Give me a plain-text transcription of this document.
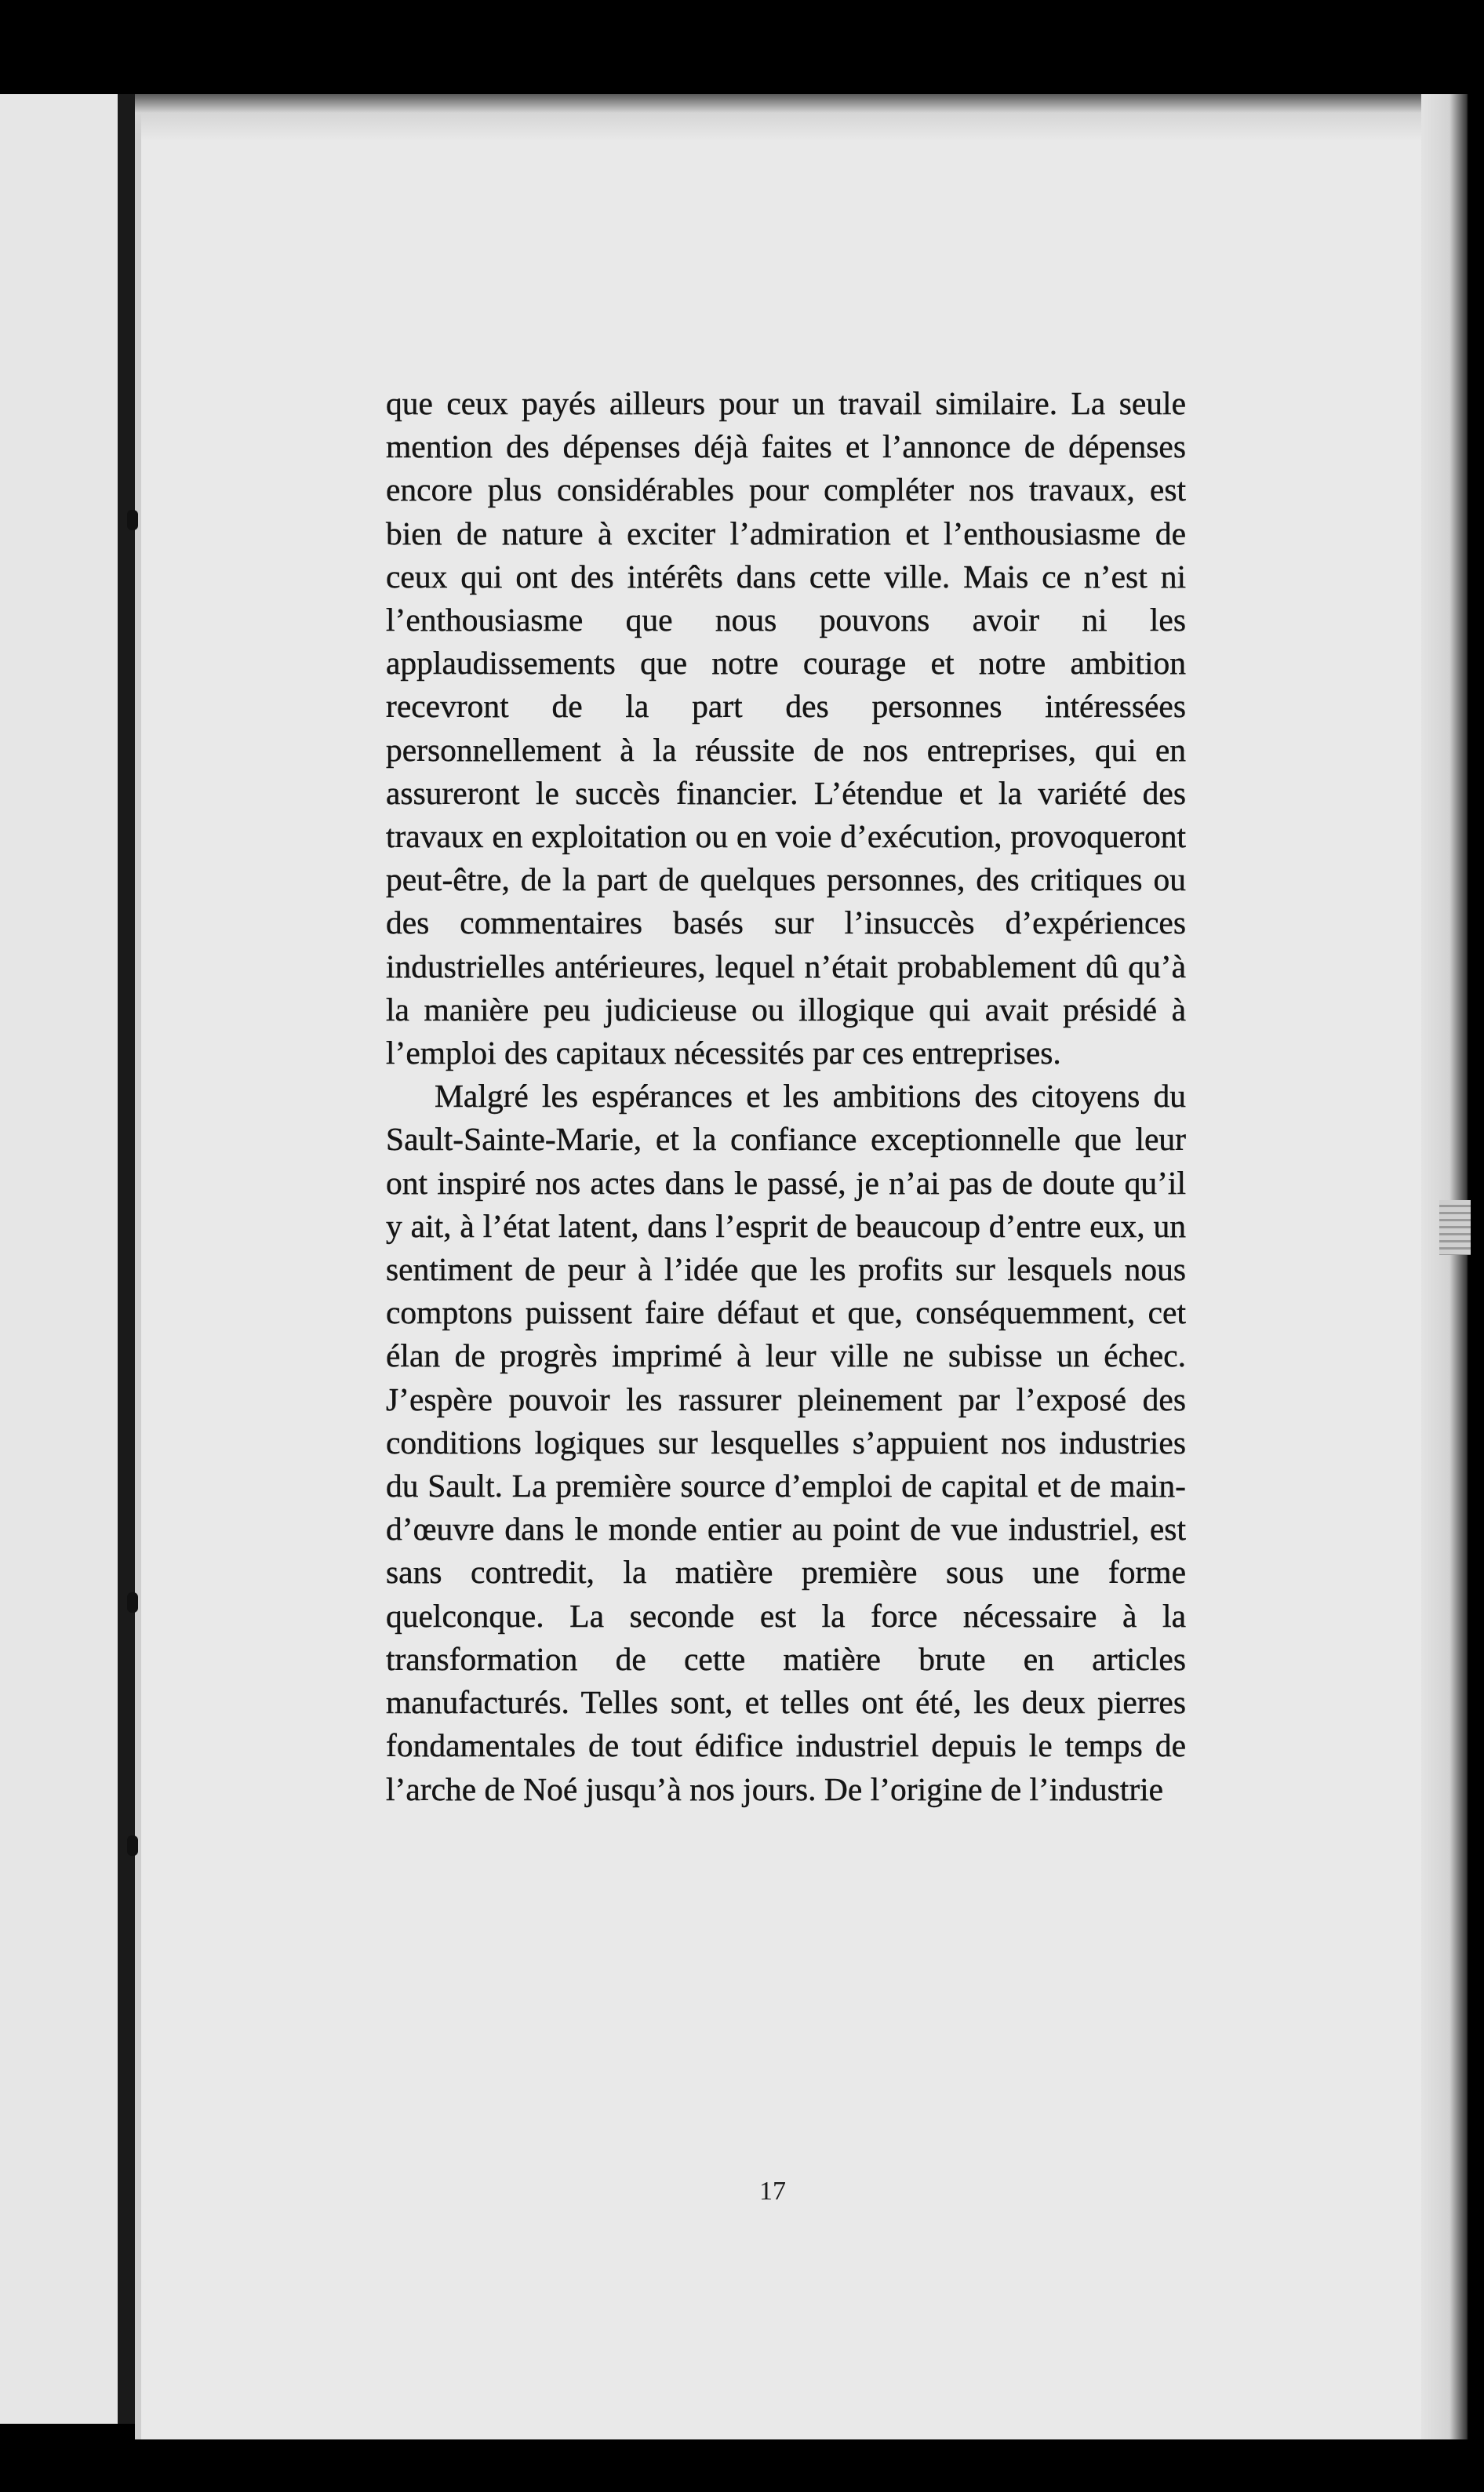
que ceux payés ailleurs pour un travail similaire. La seule mention des dépenses déjà faites et l’annonce de dépenses encore plus considérables pour compléter nos travaux, est bien de nature à exciter l’admiration et l’enthousiasme de ceux qui ont des intérêts dans cette ville. Mais ce n’est ni l’enthousiasme que nous pouvons avoir ni les applaudissements que notre courage et notre ambition recevront de la part des personnes intéressées personnellement à la réussite de nos entreprises, qui en assureront le succès financier. L’étendue et la variété des travaux en exploitation ou en voie d’exécution, provoqueront peut-être, de la part de quelques personnes, des critiques ou des commentaires basés sur l’insuccès d’expériences industrielles antérieures, lequel n’était probablement dû qu’à la manière peu judicieuse ou illogique qui avait présidé à l’emploi des capitaux nécessités par ces entreprises.

Malgré les espérances et les ambitions des citoyens du Sault-Sainte-Marie, et la confiance exceptionnelle que leur ont inspiré nos actes dans le passé, je n’ai pas de doute qu’il y ait, à l’état latent, dans l’esprit de beaucoup d’entre eux, un sentiment de peur à l’idée que les profits sur lesquels nous comptons puissent faire défaut et que, conséquemment, cet élan de progrès imprimé à leur ville ne subisse un échec. J’espère pouvoir les rassurer pleinement par l’exposé des conditions logiques sur lesquelles s’appuient nos industries du Sault. La première source d’emploi de capital et de main-d’œuvre dans le monde entier au point de vue industriel, est sans contredit, la matière première sous une forme quelconque. La seconde est la force nécessaire à la transformation de cette matière brute en articles manufacturés. Telles sont, et telles ont été, les deux pierres fondamentales de tout édifice industriel depuis le temps de l’arche de Noé jusqu’à nos jours. De l’origine de l’industrie

17
